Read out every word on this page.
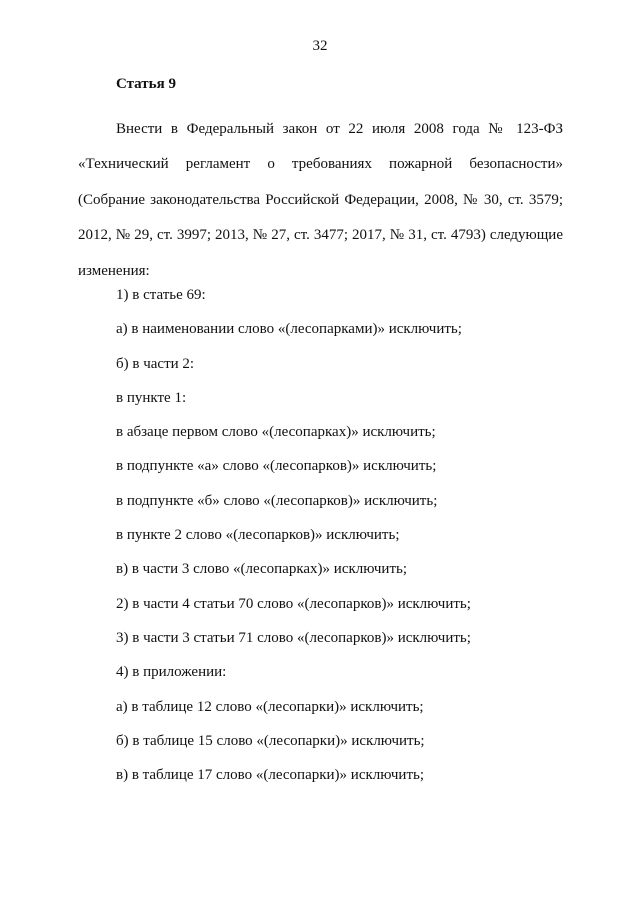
32
Статья 9
Внести в Федеральный закон от 22 июля 2008 года № 123-ФЗ
«Технический регламент о требованиях пожарной безопасности»
(Собрание законодательства Российской Федерации, 2008, № 30, ст. 3579;
2012, № 29, ст. 3997; 2013, № 27, ст. 3477; 2017, № 31, ст. 4793) следующие
изменения:
1) в статье 69:
а) в наименовании слово «(лесопарками)» исключить;
б) в части 2:
в пункте 1:
в абзаце первом слово «(лесопарках)» исключить;
в подпункте «а» слово «(лесопарков)» исключить;
в подпункте «б» слово «(лесопарков)» исключить;
в пункте 2 слово «(лесопарков)» исключить;
в) в части 3 слово «(лесопарках)» исключить;
2) в части 4 статьи 70 слово «(лесопарков)» исключить;
3) в части 3 статьи 71 слово «(лесопарков)» исключить;
4) в приложении:
а) в таблице 12 слово «(лесопарки)» исключить;
б) в таблице 15 слово «(лесопарки)» исключить;
в) в таблице 17 слово «(лесопарки)» исключить;
